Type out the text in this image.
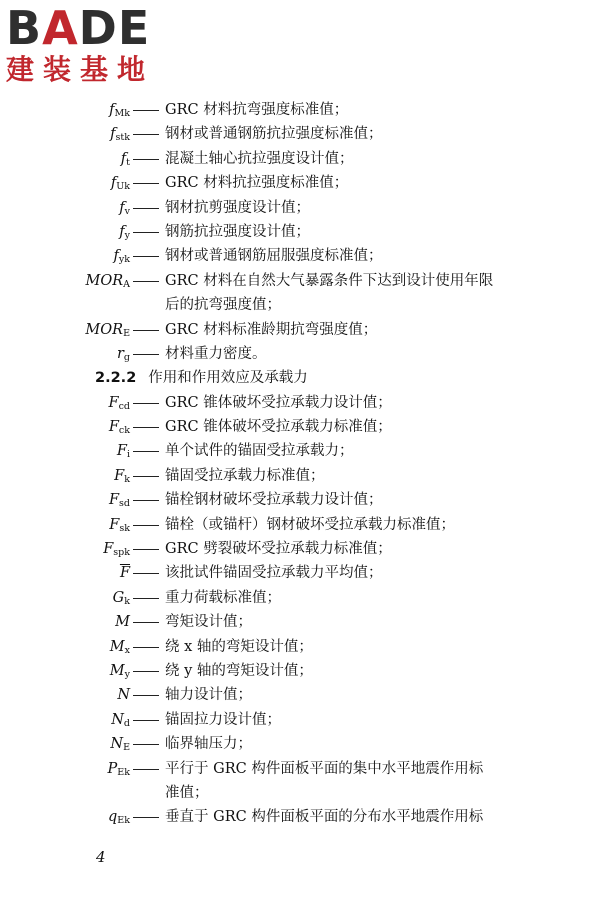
BADE
建装基地
$f_{Mk}$ GRC 材料抗弯强度标准值；
$f_{stk}$ 钢材或普通钢筋抗拉强度标准值；
$f_t$ 混凝土轴心抗拉强度设计值；
$f_{Uk}$ GRC 材料抗拉强度标准值；
$f_v$ 钢材抗剪强度设计值；
$f_y$ 钢筋抗拉强度设计值；
$f_{yk}$ 钢材或普通钢筋屈服强度标准值；
$MOR_A$ GRC 材料在自然大气暴露条件下达到设计使用年限
后的抗弯强度值；
$MOR_E$ GRC 材料标准龄期抗弯强度值；
$r_g$ 材料重力密度。
2.2.2 作用和作用效应及承载力
$F_{cd}$ GRC 锥体破坏受拉承载力设计值；
$F_{ck}$ GRC 锥体破坏受拉承载力标准值；
$F_i$ 单个试件的锚固受拉承载力；
$F_k$ 锚固受拉承载力标准值；
$F_{sd}$ 锚栓钢材破坏受拉承载力设计值；
$F_{sk}$ 锚栓（或锚杆）钢材破坏受拉承载力标准值；
$F_{spk}$ GRC 劈裂破坏受拉承载力标准值；
$\overline{F}$ 该批试件锚固受拉承载力平均值；
$G_k$ 重力荷载标准值；
M 弯矩设计值；
$M_x$ 绕 x 轴的弯矩设计值；
$M_y$ 绕 y 轴的弯矩设计值；
N 轴力设计值；
$N_d$ 锚固拉力设计值；
$N_E$ 临界轴压力；
$P_{Ek}$ 平行于 GRC 构件面板平面的集中水平地震作用标
准值；
$q_{Ek}$ 垂直于 GRC 构件面板平面的分布水平地震作用标
4
